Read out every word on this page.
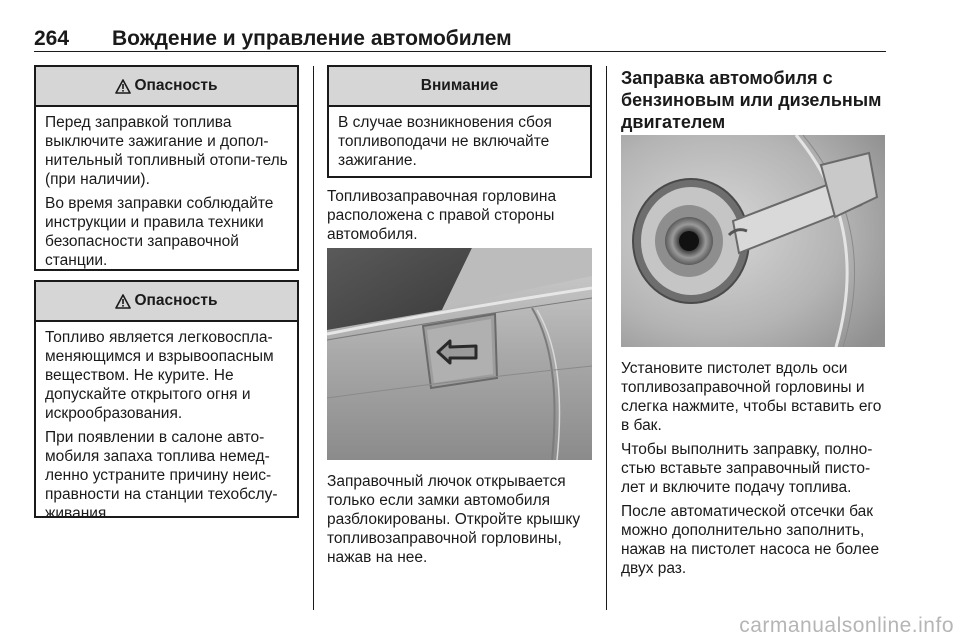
264 Вождение и управление автомобилем
Опасность

Перед заправкой топлива выключите зажигание и допол-нительный топливный отопи-тель (при наличии).

Во время заправки соблюдайте инструкции и правила техники безопасности заправочной станции.

Опасность

Топливо является легковоспла-меняющимся и взрывоопасным веществом. Не курите. Не допускайте открытого огня и искрообразования.

При появлении в салоне авто-мобиля запаха топлива немед-ленно устраните причину неис-правности на станции техобслу-живания.

Внимание

В случае возникновения сбоя топливоподачи не включайте зажигание.

Топливозаправочная горловина расположена с правой стороны автомобиля.

Заправочный лючок открывается только если замки автомобиля разблокированы. Откройте крышку топливозаправочной горловины, нажав на нее.

Заправка автомобиля с бензиновым или дизельным двигателем

Установите пистолет вдоль оси топливозаправочной горловины и слегка нажмите, чтобы вставить его в бак.

Чтобы выполнить заправку, полно-стью вставьте заправочный писто-лет и включите подачу топлива.

После автоматической отсечки бак можно дополнительно заполнить, нажав на пистолет насоса не более двух раз.

carmanualsonline.info
